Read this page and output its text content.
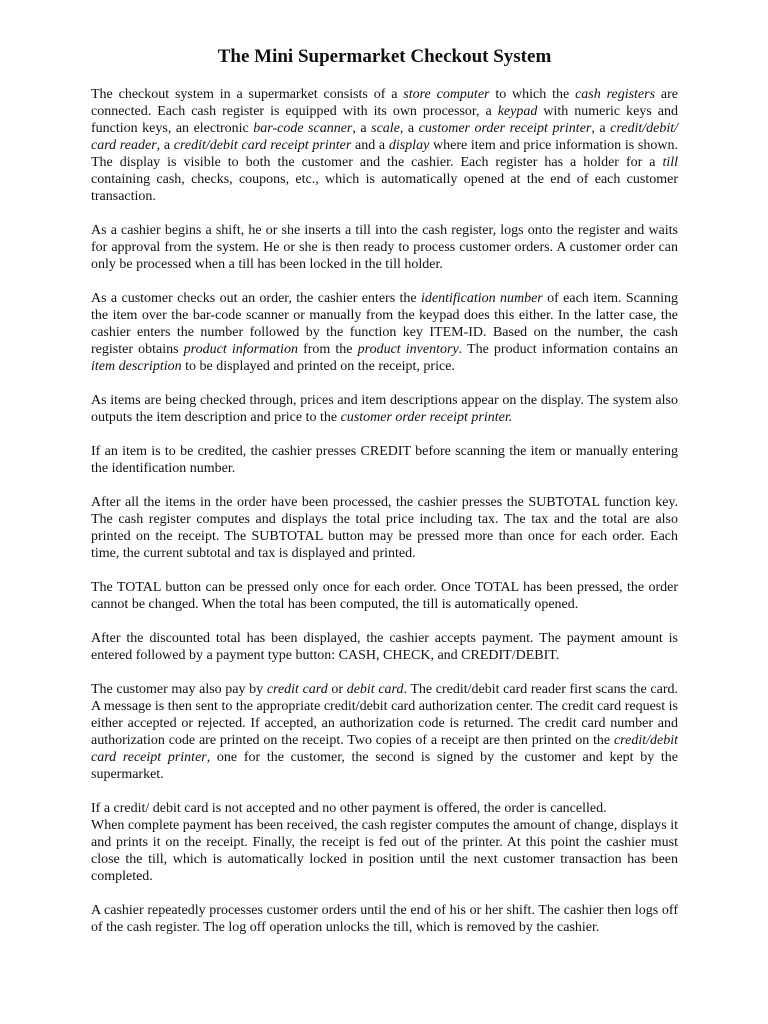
The Mini Supermarket Checkout System

The checkout system in a supermarket consists of a store computer to which the cash registers are connected. Each cash register is equipped with its own processor, a keypad with numeric keys and function keys, an electronic bar-code scanner, a scale, a customer order receipt printer, a credit/debit/ card reader, a credit/debit card receipt printer and a display where item and price information is shown. The display is visible to both the customer and the cashier. Each register has a holder for a till containing cash, checks, coupons, etc., which is automatically opened at the end of each customer transaction.

As a cashier begins a shift, he or she inserts a till into the cash register, logs onto the register and waits for approval from the system. He or she is then ready to process customer orders. A customer order can only be processed when a till has been locked in the till holder.

As a customer checks out an order, the cashier enters the identification number of each item. Scanning the item over the bar-code scanner or manually from the keypad does this either. In the latter case, the cashier enters the number followed by the function key ITEM-ID. Based on the number, the cash register obtains product information from the product inventory. The product information contains an item description to be displayed and printed on the receipt, price.

As items are being checked through, prices and item descriptions appear on the display. The system also outputs the item description and price to the customer order receipt printer.

If an item is to be credited, the cashier presses CREDIT before scanning the item or manually entering the identification number.

After all the items in the order have been processed, the cashier presses the SUBTOTAL function key. The cash register computes and displays the total price including tax. The tax and the total are also printed on the receipt. The SUBTOTAL button may be pressed more than once for each order. Each time, the current subtotal and tax is displayed and printed.

The TOTAL button can be pressed only once for each order. Once TOTAL has been pressed, the order cannot be changed. When the total has been computed, the till is automatically opened.

After the discounted total has been displayed, the cashier accepts payment. The payment amount is entered followed by a payment type button: CASH, CHECK, and CREDIT/DEBIT.

The customer may also pay by credit card or debit card. The credit/debit card reader first scans the card. A message is then sent to the appropriate credit/debit card authorization center. The credit card request is either accepted or rejected. If accepted, an authorization code is returned. The credit card number and authorization code are printed on the receipt. Two copies of a receipt are then printed on the credit/debit card receipt printer, one for the customer, the second is signed by the customer and kept by the supermarket.

If a credit/ debit card is not accepted and no other payment is offered, the order is cancelled.

When complete payment has been received, the cash register computes the amount of change, displays it and prints it on the receipt. Finally, the receipt is fed out of the printer. At this point the cashier must close the till, which is automatically locked in position until the next customer transaction has been completed.

A cashier repeatedly processes customer orders until the end of his or her shift. The cashier then logs off of the cash register. The log off operation unlocks the till, which is removed by the cashier.
